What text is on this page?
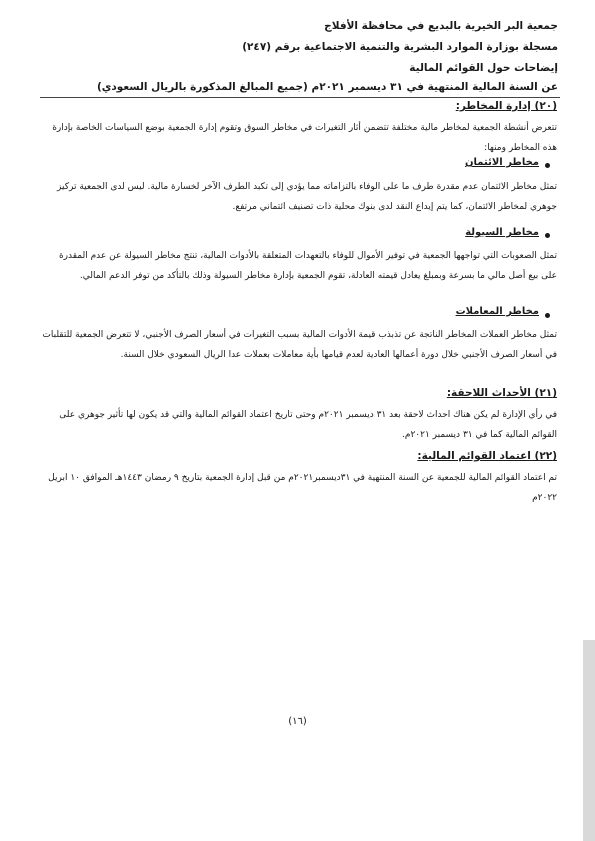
جمعية البر الخيرية بالبديع في محافظة الأفلاج
مسجلة بوزارة الموارد البشرية والتنمية الاجتماعية برقم (٢٤٧)
إيضاحات حول القوائم المالية
عن السنة المالية المنتهية في ٣١ ديسمبر ٢٠٢١م (جميع المبالغ المذكورة بالريال السعودي)
(٢٠) إدارة المخاطر:
تتعرض أنشطة الجمعية لمخاطر مالية مختلفة تتضمن أثار التغيرات في مخاطر السوق وتقوم إدارة الجمعية بوضع السياسات الخاصة بإدارة هذه المخاطر ومنها:
مخاطر الائتمان
تمثل مخاطر الائتمان عدم مقدرة طرف ما على الوفاء بالتزاماته مما يؤدي إلى تكبد الطرف الآخر لخسارة مالية. ليس لدى الجمعية تركيز جوهري لمخاطر الائتمان، كما يتم إيداع النقد لدى بنوك محلية ذات تصنيف ائتماني مرتفع.
مخاطر السيولة
تمثل الصعوبات التي تواجهها الجمعية في توفير الأموال للوفاء بالتعهدات المتعلقة بالأدوات المالية، تنتج مخاطر السيولة عن عدم المقدرة على بيع أصل مالي ما بسرعة وبمبلغ يعادل قيمته العادلة، تقوم الجمعية بإدارة مخاطر السيولة وذلك بالتأكد من توفر الدعم المالي.
مخاطر المعاملات
تمثل مخاطر العملات المخاطر الناتجة عن تذبذب قيمة الأدوات المالية بسبب التغيرات في أسعار الصرف الأجنبي، لا تتعرض الجمعية للتقلبات في أسعار الصرف الأجنبي خلال دورة أعمالها العادية لعدم قيامها بأية معاملات بعملات عدا الريال السعودي خلال السنة.
(٢١) الأحداث اللاحقة:
في رأي الإدارة لم يكن هناك احداث لاحقة بعد ٣١ ديسمبر ٢٠٢١م وحتى تاريخ اعتماد القوائم المالية والتي قد يكون لها تأثير جوهري على القوائم المالية كما في ٣١ ديسمبر ٢٠٢١م.
(٢٢) اعتماد القوائم المالية:
تم اعتماد القوائم المالية للجمعية عن السنة المنتهية في ٣١ديسمبر٢٠٢١م من قبل إدارة الجمعية بتاريخ ٩ رمضان ١٤٤٣هـ الموافق ١٠ ابريل ٢٠٢٢م
(١٦)
